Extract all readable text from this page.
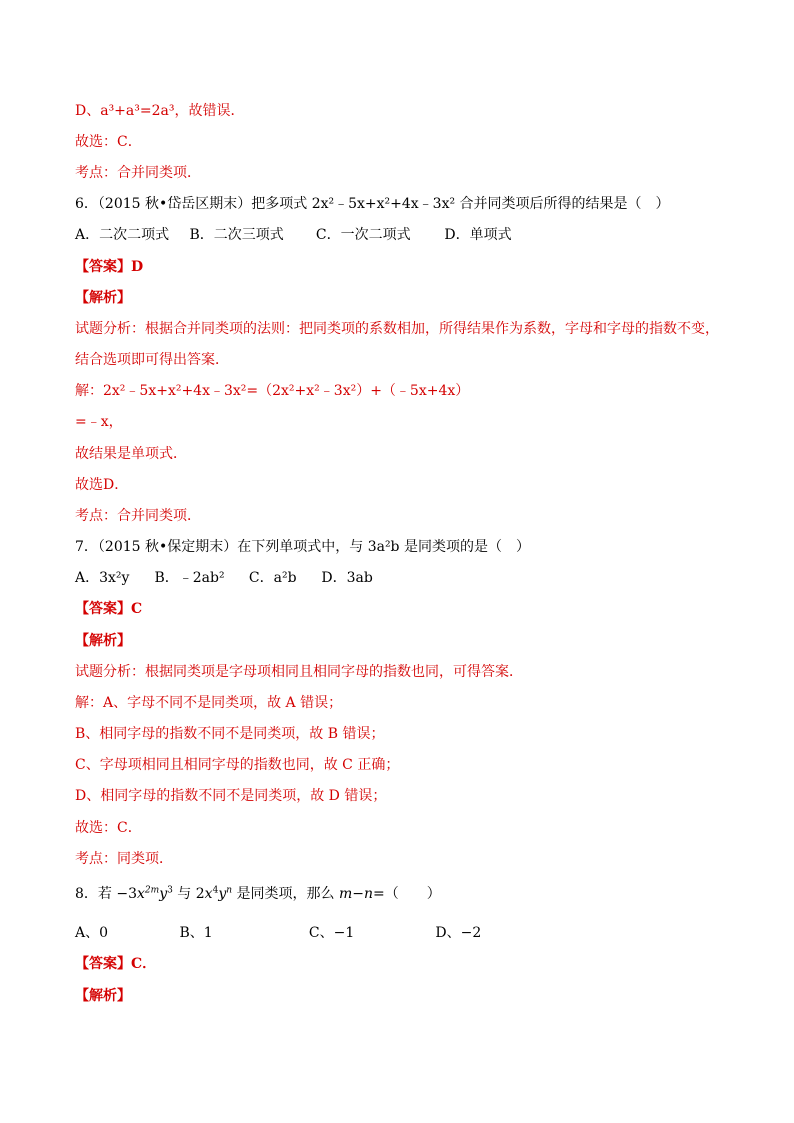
D、a³+a³=2a³，故错误．
故选：C．
考点：合并同类项．
6．（2015 秋•岱岳区期末）把多项式 2x²﹣5x+x²+4x﹣3x² 合并同类项后所得的结果是（　）
A．二次二项式 B．二次三项式 C．一次二项式 D．单项式
【答案】D
【解析】
试题分析：根据合并同类项的法则：把同类项的系数相加，所得结果作为系数，字母和字母的指数不变，
结合选项即可得出答案．
解：2x²﹣5x+x²+4x﹣3x²=（2x²+x²﹣3x²）+（﹣5x+4x）
=﹣x，
故结果是单项式．
故选D．
考点：合并同类项．
7．（2015 秋•保定期末）在下列单项式中，与 3a²b 是同类项的是（　）
A．3x²y B．﹣2ab² C．a²b D．3ab
【答案】C
【解析】
试题分析：根据同类项是字母项相同且相同字母的指数也同，可得答案．
解：A、字母不同不是同类项，故 A 错误；
B、相同字母的指数不同不是同类项，故 B 错误；
C、字母项相同且相同字母的指数也同，故 C 正确；
D、相同字母的指数不同不是同类项，故 D 错误；
故选：C．
考点：同类项．
8．若 $-3x^{2m}y^3$ 与 $2x^4y^n$ 是同类项，那么 m−n=（　　）
A、0	B、1	C、−1	D、−2
【答案】C．
【解析】
